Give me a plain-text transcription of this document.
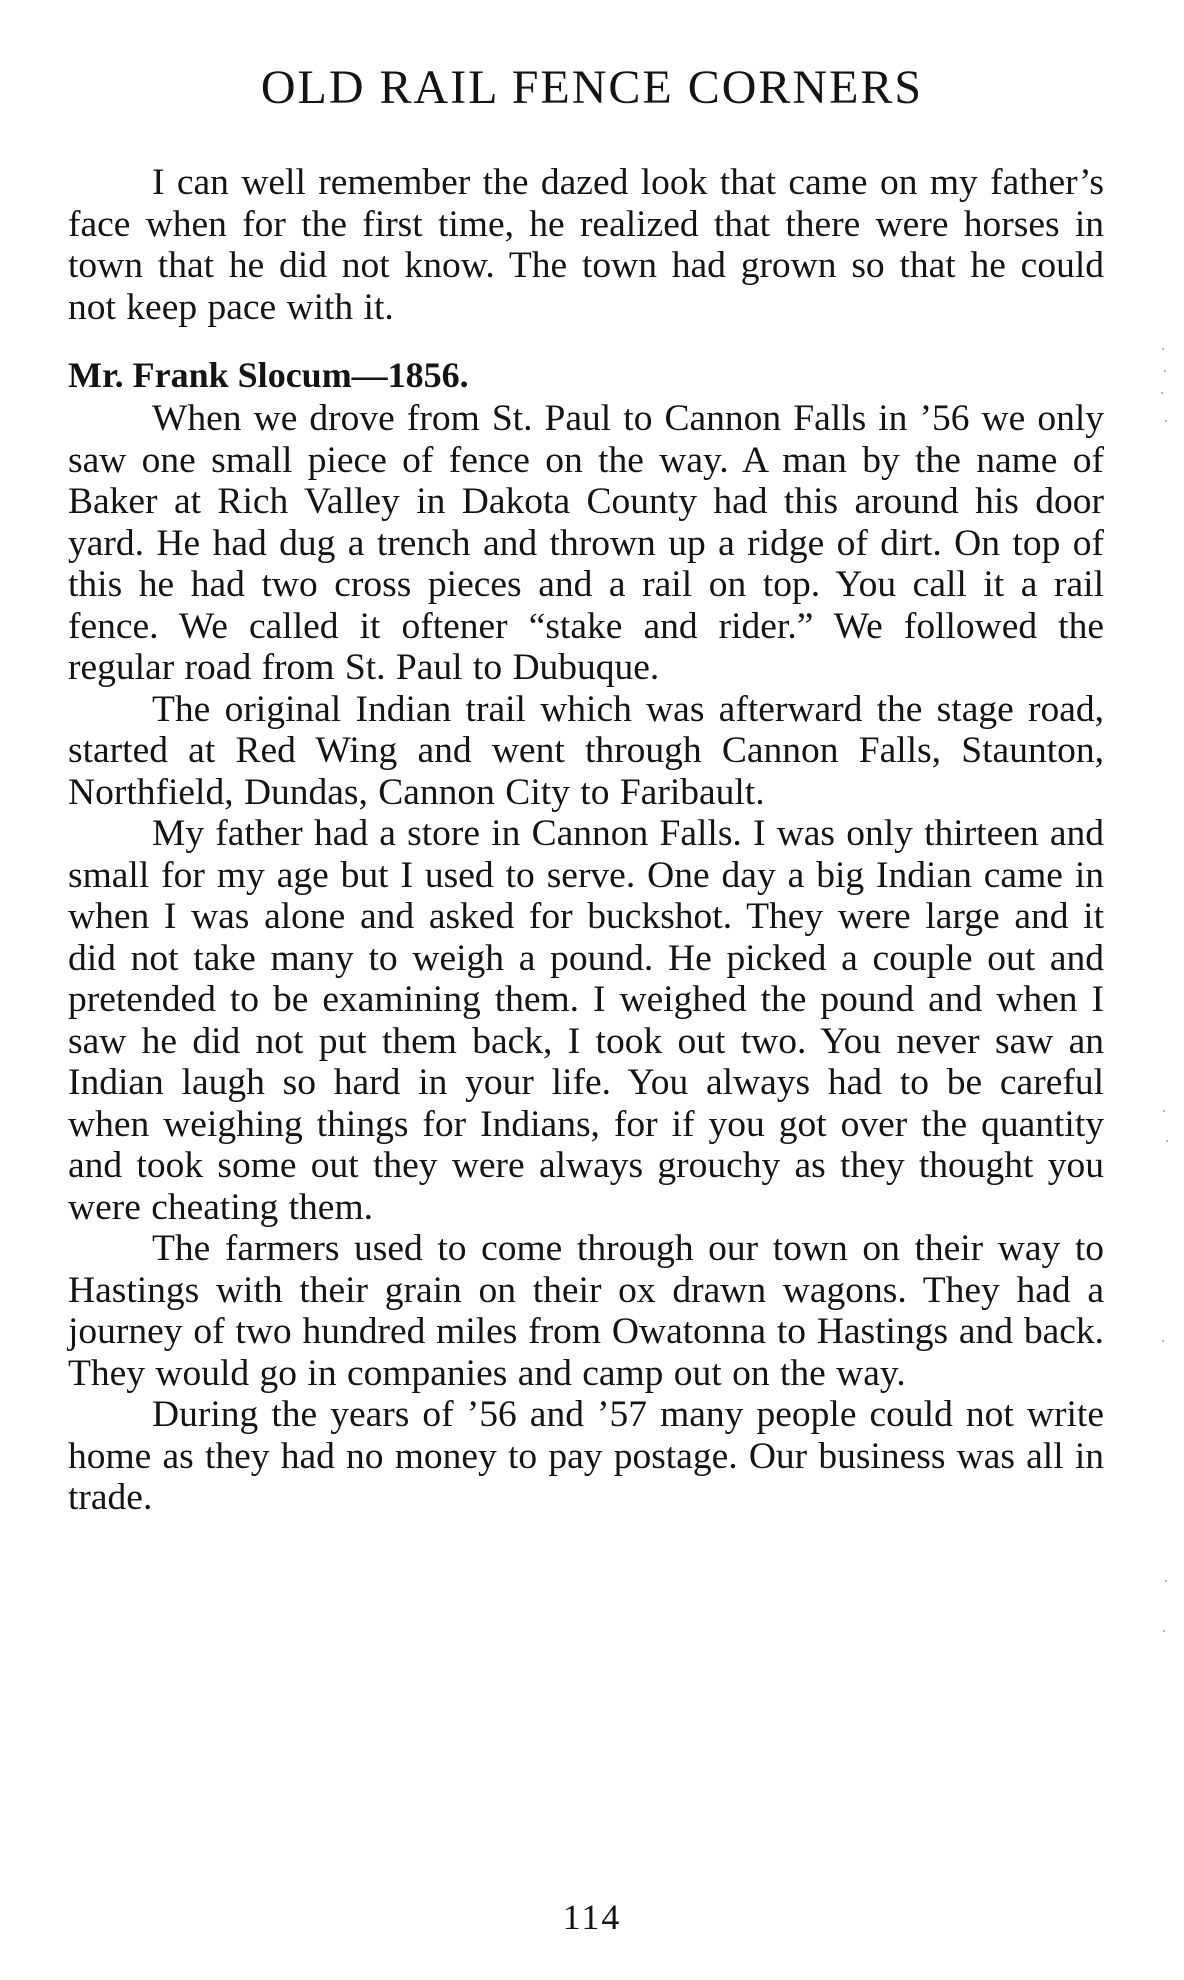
OLD RAIL FENCE CORNERS

I can well remember the dazed look that came on my father’s face when for the first time, he realized that there were horses in town that he did not know. The town had grown so that he could not keep pace with it.

Mr. Frank Slocum—1856.

When we drove from St. Paul to Cannon Falls in ’56 we only saw one small piece of fence on the way. A man by the name of Baker at Rich Valley in Dakota County had this around his door yard. He had dug a trench and thrown up a ridge of dirt. On top of this he had two cross pieces and a rail on top. You call it a rail fence. We called it oftener “stake and rider.” We followed the regular road from St. Paul to Dubuque.

The original Indian trail which was afterward the stage road, started at Red Wing and went through Cannon Falls, Staunton, Northfield, Dundas, Cannon City to Faribault.

My father had a store in Cannon Falls. I was only thirteen and small for my age but I used to serve. One day a big Indian came in when I was alone and asked for buckshot. They were large and it did not take many to weigh a pound. He picked a couple out and pretended to be examining them. I weighed the pound and when I saw he did not put them back, I took out two. You never saw an Indian laugh so hard in your life. You always had to be careful when weighing things for Indians, for if you got over the quantity and took some out they were always grouchy as they thought you were cheating them.

The farmers used to come through our town on their way to Hastings with their grain on their ox drawn wagons. They had a journey of two hundred miles from Owatonna to Hastings and back. They would go in companies and camp out on the way.

During the years of ’56 and ’57 many people could not write home as they had no money to pay postage. Our business was all in trade.

114
